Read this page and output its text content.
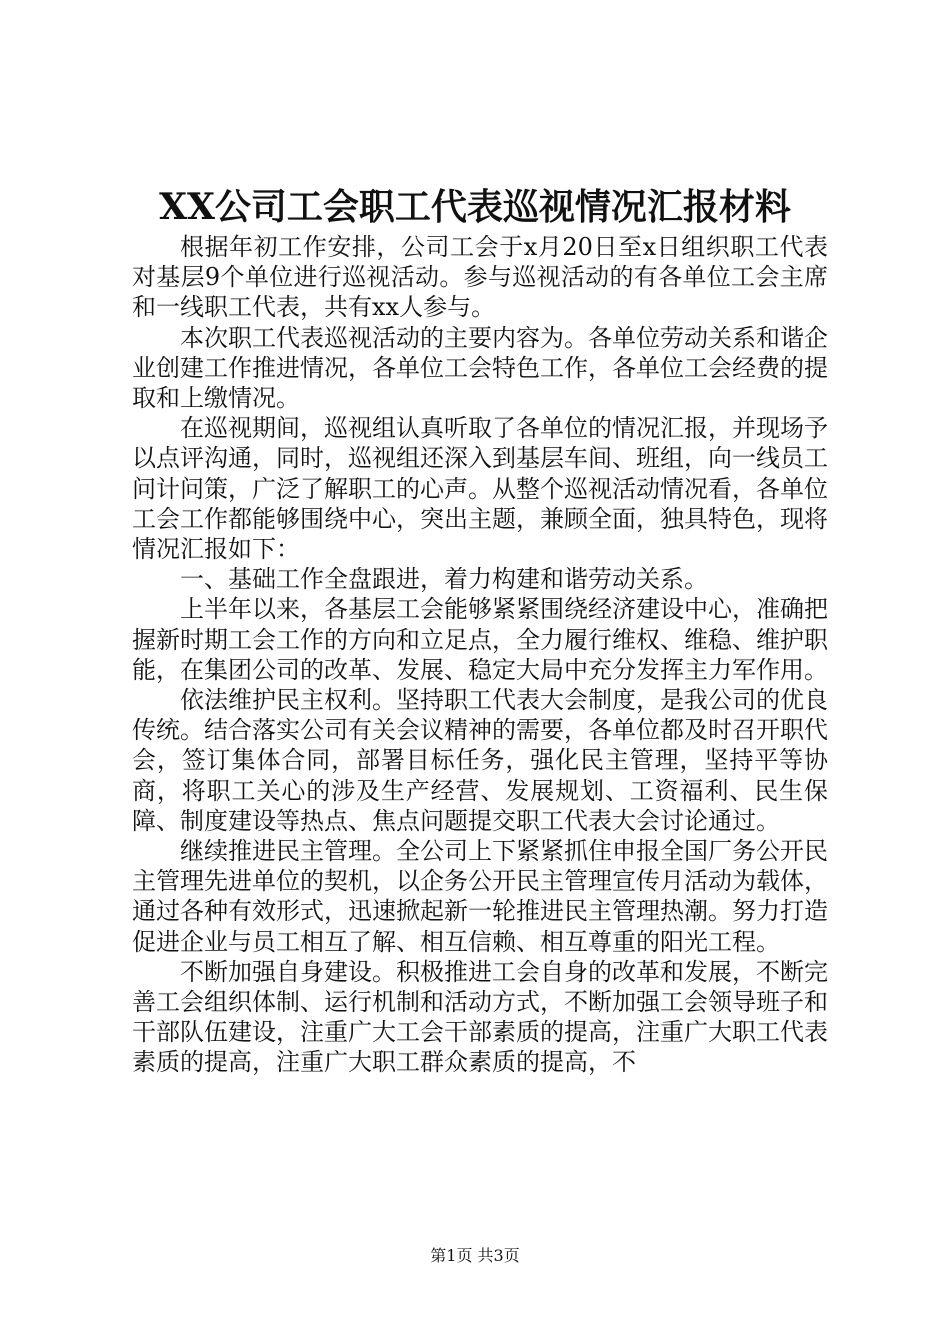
XX公司工会职工代表巡视情况汇报材料

根据年初工作安排，公司工会于x月20日至x日组织职工代表对基层9个单位进行巡视活动。参与巡视活动的有各单位工会主席和一线职工代表，共有xx人参与。

本次职工代表巡视活动的主要内容为。各单位劳动关系和谐企业创建工作推进情况，各单位工会特色工作，各单位工会经费的提取和上缴情况。

在巡视期间，巡视组认真听取了各单位的情况汇报，并现场予以点评沟通，同时，巡视组还深入到基层车间、班组，向一线员工问计问策，广泛了解职工的心声。从整个巡视活动情况看，各单位工会工作都能够围绕中心，突出主题，兼顾全面，独具特色，现将情况汇报如下：

一、基础工作全盘跟进，着力构建和谐劳动关系。

上半年以来，各基层工会能够紧紧围绕经济建设中心，准确把握新时期工会工作的方向和立足点，全力履行维权、维稳、维护职能，在集团公司的改革、发展、稳定大局中充分发挥主力军作用。

依法维护民主权利。坚持职工代表大会制度，是我公司的优良传统。结合落实公司有关会议精神的需要，各单位都及时召开职代会，签订集体合同，部署目标任务，强化民主管理，坚持平等协商，将职工关心的涉及生产经营、发展规划、工资福利、民生保障、制度建设等热点、焦点问题提交职工代表大会讨论通过。

继续推进民主管理。全公司上下紧紧抓住申报全国厂务公开民主管理先进单位的契机，以企务公开民主管理宣传月活动为载体，通过各种有效形式，迅速掀起新一轮推进民主管理热潮。努力打造促进企业与员工相互了解、相互信赖、相互尊重的阳光工程。

不断加强自身建设。积极推进工会自身的改革和发展，不断完善工会组织体制、运行机制和活动方式，不断加强工会领导班子和干部队伍建设，注重广大工会干部素质的提高，注重广大职工代表素质的提高，注重广大职工群众素质的提高，不

第1页 共3页
